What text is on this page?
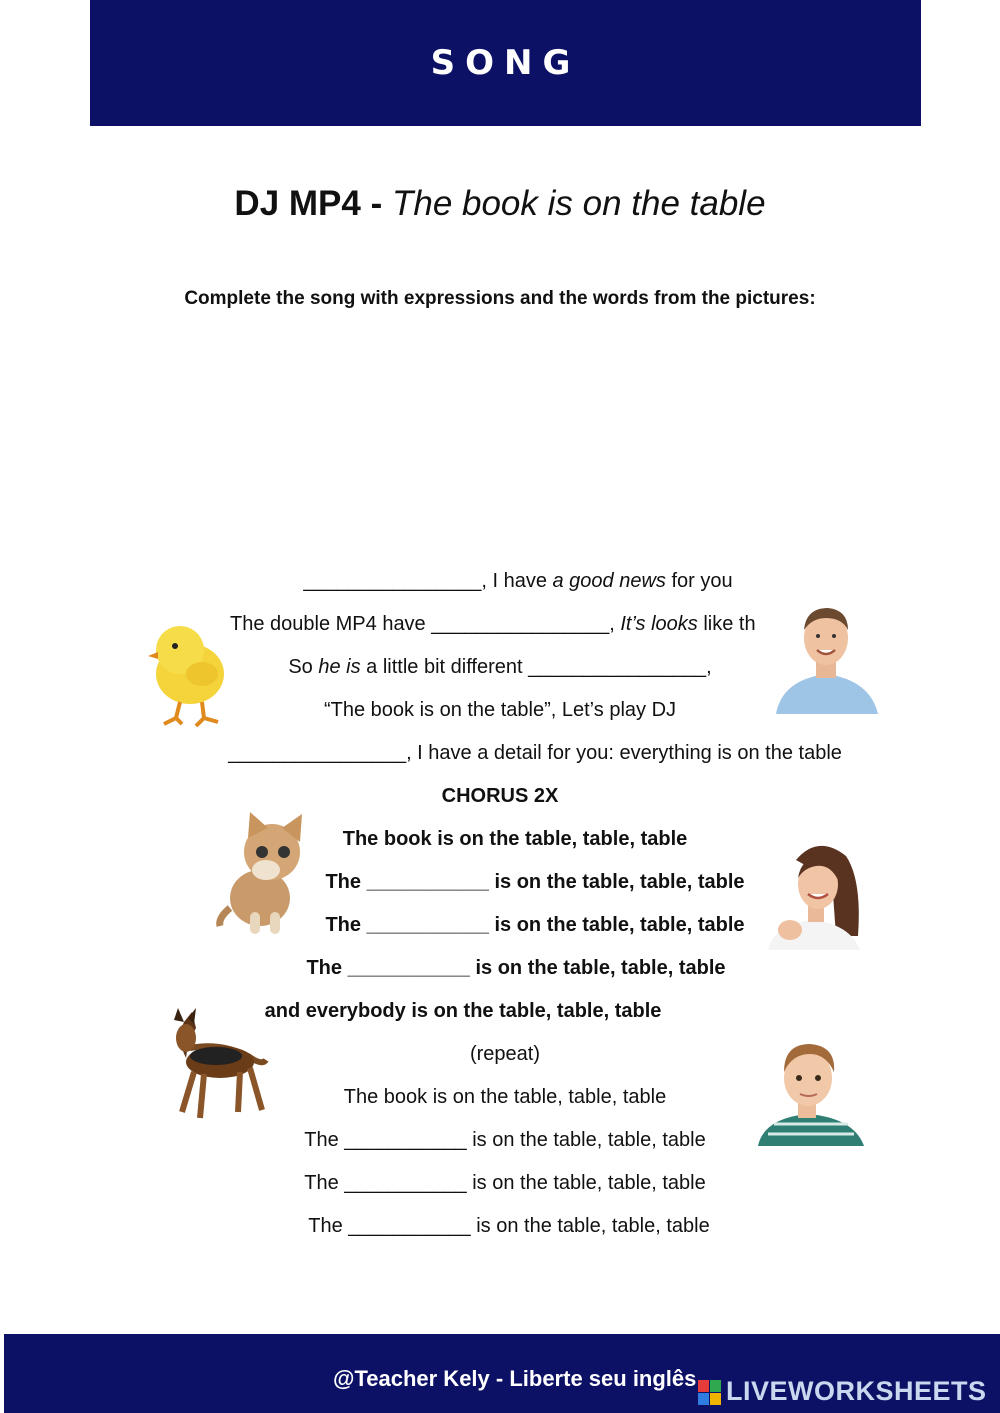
SONG
DJ MP4 - The book is on the table
Complete the song with expressions and the words from the pictures:
________________, I have a good news for you
The double MP4 have ________________, It’s looks like th
So he is a little bit different ________________,
“The book is on the table”, Let’s play DJ
________________, I have a detail for you: everything is on the table
CHORUS 2X
The book is on the table, table, table
The ___________ is on the table, table, table
The ___________ is on the table, table, table
The ___________ is on the table, table, table
and everybody is on the table, table, table
(repeat)
The book is on the table, table, table
The ___________ is on the table, table, table
The ___________ is on the table, table, table
The ___________ is on the table, table, table
@Teacher Kely - Liberte seu inglês LIVEWORKSHEETS
